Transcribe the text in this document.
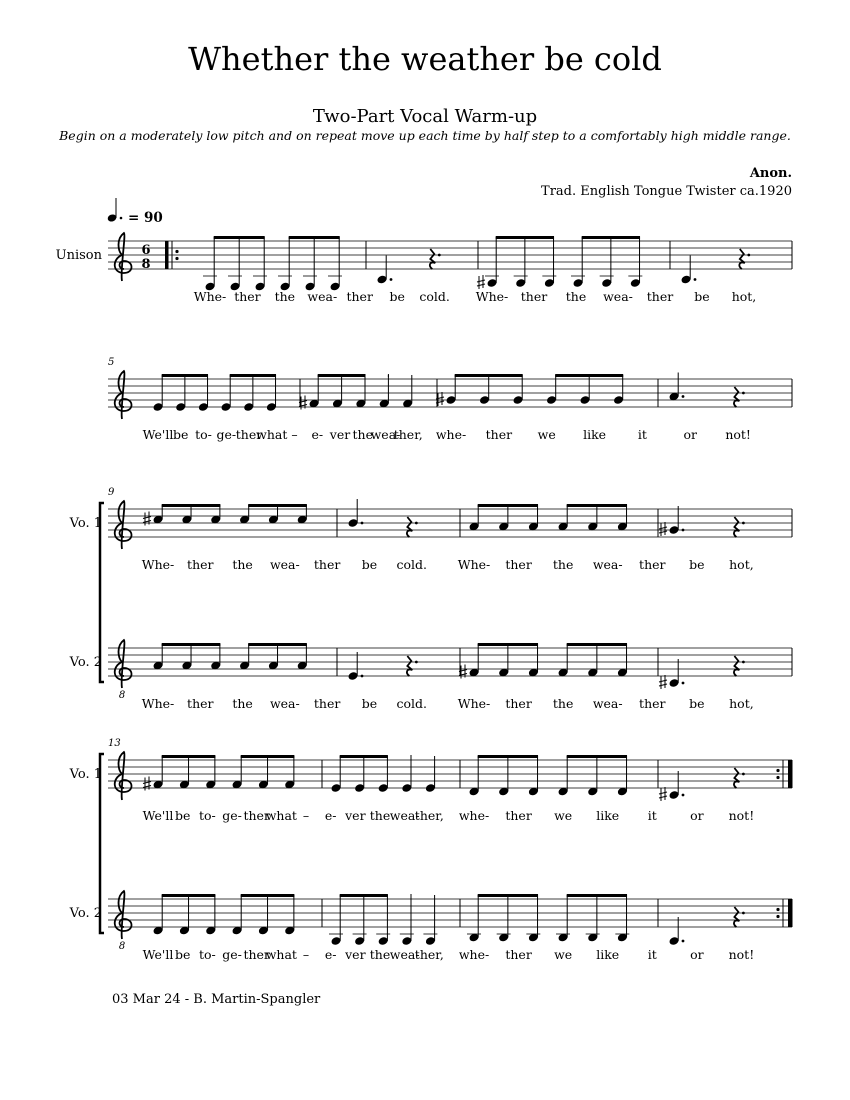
Whether the weather be cold
Two-Part Vocal Warm-up
Begin on a moderately low pitch and on repeat move up each time by half step to a comfortably high middle range.
Anon.
Trad. English Tongue Twister ca.1920
Unison	6
8
Whe- ther the wea- ther be cold. Whe- ther the wea- ther be hot,
We'll be to- ge- ther
what – e- ver the
wea-
ther, whe- ther we like	it	or not!
5
Vo. 1
Whe- ther the wea- ther be cold. Whe- ther the wea- ther be hot,
Vo. 2
8
Whe- ther the wea- ther be cold. Whe- ther the wea- ther be hot,
9
Vo. 1
We'll be to- ge- ther
what – e- ver the wea-
ther, whe- ther we like it	or not!
Vo. 2
8
We'll be to- ge- ther
what – e- ver the wea-
ther, whe- ther we like it	or not!
13
= 90
03 Mar 24 - B. Martin-Spangler
